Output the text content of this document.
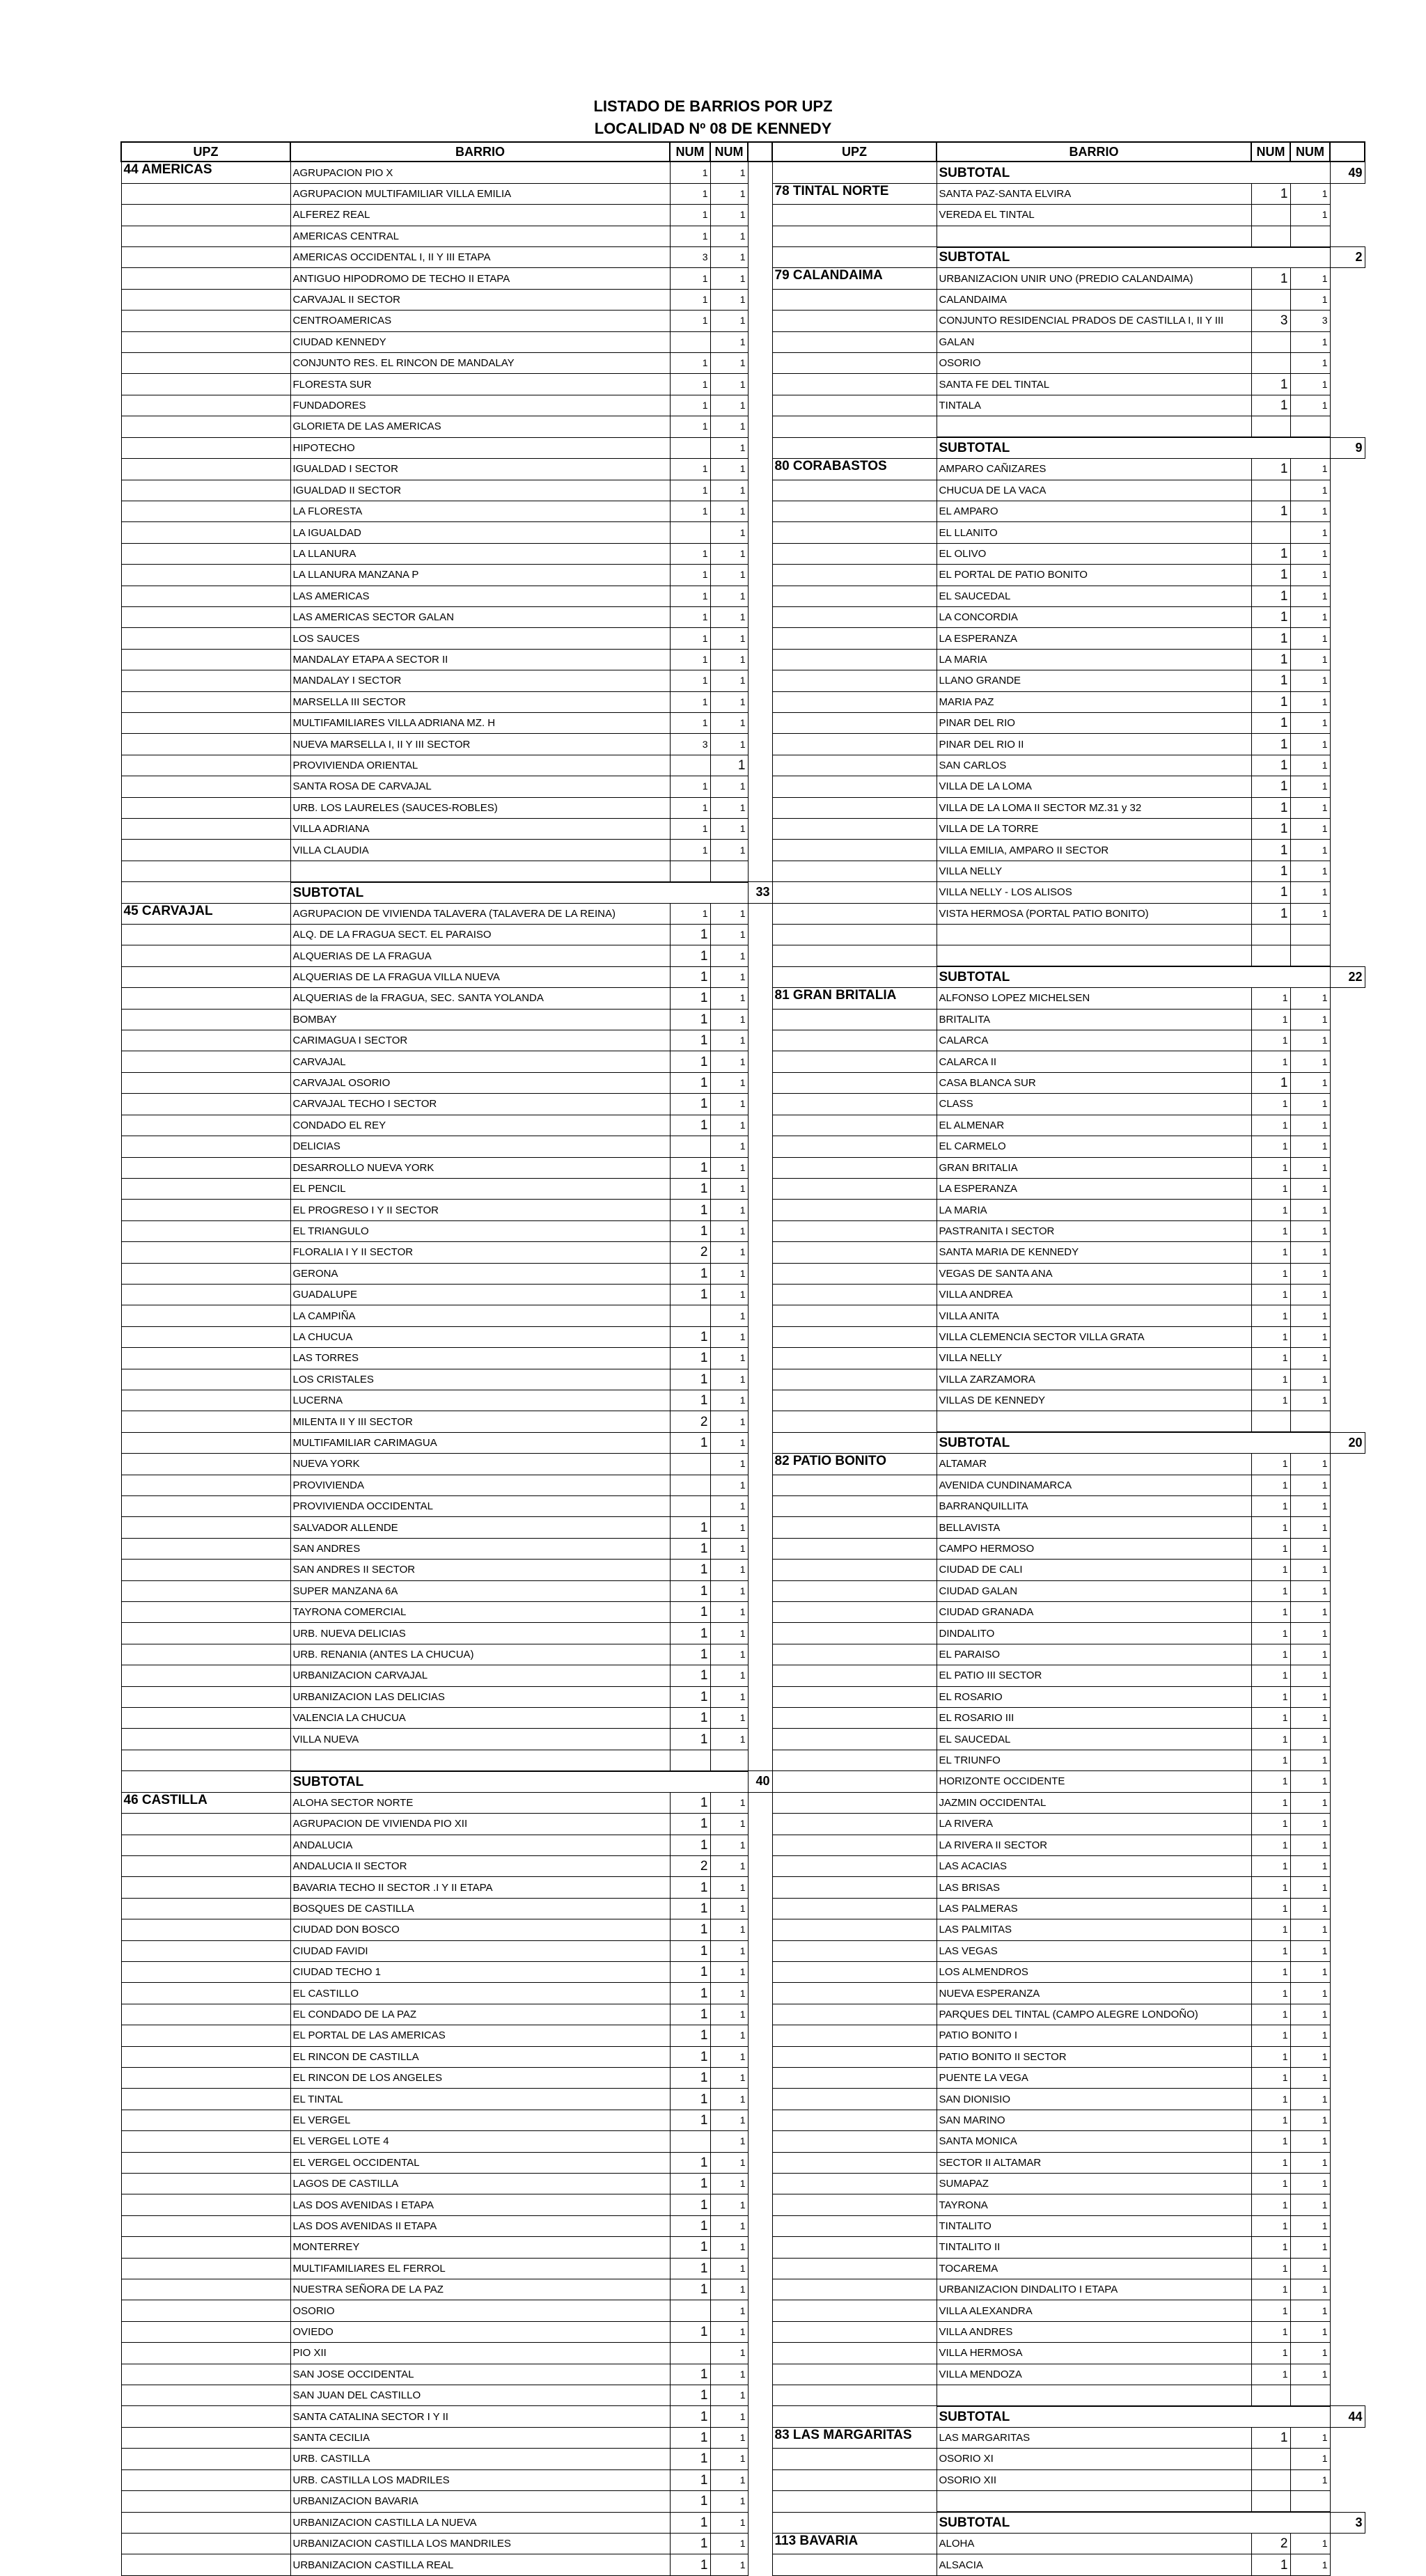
LISTADO DE BARRIOS POR UPZ
LOCALIDAD Nº 08 DE KENNEDY
UPZ	BARRIO	NUM	NUM	
44 AMERICAS	AGRUPACION PIO X	1	1	
	AGRUPACION MULTIFAMILIAR VILLA EMILIA	1	1	
	ALFEREZ REAL	1	1	
	AMERICAS CENTRAL	1	1	
	AMERICAS OCCIDENTAL I, II Y III ETAPA	3	1	
	ANTIGUO HIPODROMO DE TECHO II ETAPA	1	1	
	CARVAJAL II SECTOR	1	1	
	CENTROAMERICAS	1	1	
	CIUDAD KENNEDY		1	
	CONJUNTO RES. EL RINCON DE MANDALAY	1	1	
	FLORESTA SUR	1	1	
	FUNDADORES	1	1	
	GLORIETA DE LAS AMERICAS	1	1	
	HIPOTECHO		1	
	IGUALDAD I SECTOR	1	1	
	IGUALDAD II SECTOR	1	1	
	LA FLORESTA	1	1	
	LA IGUALDAD		1	
	LA LLANURA	1	1	
	LA LLANURA MANZANA P	1	1	
	LAS AMERICAS	1	1	
	LAS AMERICAS SECTOR GALAN	1	1	
	LOS SAUCES	1	1	
	MANDALAY ETAPA A SECTOR II	1	1	
	MANDALAY I SECTOR	1	1	
	MARSELLA III SECTOR	1	1	
	MULTIFAMILIARES VILLA ADRIANA MZ. H	1	1	
	NUEVA MARSELLA I, II Y III SECTOR	3	1	
	PROVIVIENDA ORIENTAL		1	
	SANTA ROSA DE CARVAJAL	1	1	
	URB. LOS LAURELES (SAUCES-ROBLES)	1	1	
	VILLA ADRIANA	1	1	
	VILLA CLAUDIA	1	1	

	SUBTOTAL			33
45 CARVAJAL	AGRUPACION DE VIVIENDA TALAVERA (TALAVERA DE LA REINA)	1	1	
	ALQ. DE LA FRAGUA SECT. EL PARAISO	1	1	
	ALQUERIAS DE LA FRAGUA	1	1	
	ALQUERIAS DE LA FRAGUA VILLA NUEVA	1	1	
	ALQUERIAS de la FRAGUA, SEC. SANTA YOLANDA	1	1	
	BOMBAY	1	1	
	CARIMAGUA I SECTOR	1	1	
	CARVAJAL	1	1	
	CARVAJAL OSORIO	1	1	
	CARVAJAL TECHO I SECTOR	1	1	
	CONDADO EL REY	1	1	
	DELICIAS		1	
	DESARROLLO NUEVA YORK	1	1	
	EL PENCIL	1	1	
	EL PROGRESO I Y II SECTOR	1	1	
	EL TRIANGULO	1	1	
	FLORALIA I Y II SECTOR	2	1	
	GERONA	1	1	
	GUADALUPE	1	1	
	LA CAMPIÑA		1	
	LA CHUCUA	1	1	
	LAS TORRES	1	1	
	LOS CRISTALES	1	1	
	LUCERNA	1	1	
	MILENTA II Y III SECTOR	2	1	
	MULTIFAMILIAR CARIMAGUA	1	1	
	NUEVA YORK		1	
	PROVIVIENDA		1	
	PROVIVIENDA OCCIDENTAL		1	
	SALVADOR ALLENDE	1	1	
	SAN ANDRES	1	1	
	SAN ANDRES II SECTOR	1	1	
	SUPER MANZANA 6A	1	1	
	TAYRONA COMERCIAL	1	1	
	URB. NUEVA DELICIAS	1	1	
	URB. RENANIA (ANTES LA CHUCUA)	1	1	
	URBANIZACION CARVAJAL	1	1	
	URBANIZACION LAS DELICIAS	1	1	
	VALENCIA LA CHUCUA	1	1	
	VILLA NUEVA	1	1	

	SUBTOTAL			40
46 CASTILLA	ALOHA SECTOR NORTE	1	1	
	AGRUPACION DE VIVIENDA PIO XII	1	1	
	ANDALUCIA	1	1	
	ANDALUCIA II SECTOR	2	1	
	BAVARIA TECHO II SECTOR .I Y II ETAPA	1	1	
	BOSQUES DE CASTILLA	1	1	
	CIUDAD DON BOSCO	1	1	
	CIUDAD FAVIDI	1	1	
	CIUDAD TECHO 1	1	1	
	EL CASTILLO	1	1	
	EL CONDADO DE LA PAZ	1	1	
	EL PORTAL DE LAS AMERICAS	1	1	
	EL RINCON DE CASTILLA	1	1	
	EL RINCON DE LOS ANGELES	1	1	
	EL TINTAL	1	1	
	EL VERGEL	1	1	
	EL VERGEL LOTE 4		1	
	EL VERGEL OCCIDENTAL	1	1	
	LAGOS DE CASTILLA	1	1	
	LAS DOS AVENIDAS I ETAPA	1	1	
	LAS DOS AVENIDAS II ETAPA	1	1	
	MONTERREY	1	1	
	MULTIFAMILIARES EL FERROL	1	1	
	NUESTRA SEÑORA DE LA PAZ	1	1	
	OSORIO		1	
	OVIEDO	1	1	
	PIO XII		1	
	SAN JOSE OCCIDENTAL	1	1	
	SAN JUAN DEL CASTILLO	1	1	
	SANTA CATALINA SECTOR I Y II	1	1	
	SANTA CECILIA	1	1	
	URB. CASTILLA	1	1	
	URB. CASTILLA LOS MADRILES	1	1	
	URBANIZACION BAVARIA	1	1	
	URBANIZACION CASTILLA LA NUEVA	1	1	
	URBANIZACION CASTILLA LOS MANDRILES	1	1	
	URBANIZACION CASTILLA REAL	1	1	
UPZ	BARRIO	NUM	NUM	
	SUBTOTAL			49
78 TINTAL NORTE	SANTA PAZ-SANTA ELVIRA	1	1	
	VEREDA EL TINTAL		1	

	SUBTOTAL			2
79 CALANDAIMA	URBANIZACION UNIR UNO (PREDIO CALANDAIMA)	1	1	
	CALANDAIMA		1	
	CONJUNTO RESIDENCIAL PRADOS DE CASTILLA I, II Y III	3	3	
	GALAN		1	
	OSORIO		1	
	SANTA FE DEL TINTAL	1	1	
	TINTALA	1	1	

	SUBTOTAL			9
80 CORABASTOS	AMPARO CAÑIZARES	1	1	
	CHUCUA DE LA VACA		1	
	EL AMPARO	1	1	
	EL LLANITO		1	
	EL OLIVO	1	1	
	EL PORTAL DE PATIO BONITO	1	1	
	EL SAUCEDAL	1	1	
	LA CONCORDIA	1	1	
	LA ESPERANZA	1	1	
	LA MARIA	1	1	
	LLANO GRANDE	1	1	
	MARIA PAZ	1	1	
	PINAR DEL RIO	1	1	
	PINAR DEL RIO II	1	1	
	SAN CARLOS	1	1	
	VILLA DE LA LOMA	1	1	
	VILLA DE LA LOMA II SECTOR MZ.31 y 32	1	1	
	VILLA DE LA TORRE	1	1	
	VILLA EMILIA, AMPARO II SECTOR	1	1	
	VILLA NELLY	1	1	
	VILLA NELLY - LOS ALISOS	1	1	
	VISTA HERMOSA (PORTAL PATIO BONITO)	1	1	

	SUBTOTAL			22
81 GRAN BRITALIA	ALFONSO LOPEZ MICHELSEN	1	1	
	BRITALITA	1	1	
	CALARCA	1	1	
	CALARCA II	1	1	
	CASA BLANCA SUR	1	1	
	CLASS	1	1	
	EL ALMENAR	1	1	
	EL CARMELO	1	1	
	GRAN BRITALIA	1	1	
	LA ESPERANZA	1	1	
	LA MARIA	1	1	
	PASTRANITA I SECTOR	1	1	
	SANTA MARIA DE KENNEDY	1	1	
	VEGAS DE SANTA ANA	1	1	
	VILLA ANDREA	1	1	
	VILLA ANITA	1	1	
	VILLA CLEMENCIA SECTOR VILLA GRATA	1	1	
	VILLA NELLY	1	1	
	VILLA ZARZAMORA	1	1	
	VILLAS DE KENNEDY	1	1	

	SUBTOTAL			20
82 PATIO BONITO	ALTAMAR	1	1	
	AVENIDA CUNDINAMARCA	1	1	
	BARRANQUILLITA	1	1	
	BELLAVISTA	1	1	
	CAMPO HERMOSO	1	1	
	CIUDAD DE CALI	1	1	
	CIUDAD GALAN	1	1	
	CIUDAD GRANADA	1	1	
	DINDALITO	1	1	
	EL PARAISO	1	1	
	EL PATIO III SECTOR	1	1	
	EL ROSARIO	1	1	
	EL ROSARIO III	1	1	
	EL SAUCEDAL	1	1	
	EL TRIUNFO	1	1	
	HORIZONTE OCCIDENTE	1	1	
	JAZMIN OCCIDENTAL	1	1	
	LA RIVERA	1	1	
	LA RIVERA II SECTOR	1	1	
	LAS ACACIAS	1	1	
	LAS BRISAS	1	1	
	LAS PALMERAS	1	1	
	LAS PALMITAS	1	1	
	LAS VEGAS	1	1	
	LOS ALMENDROS	1	1	
	NUEVA ESPERANZA	1	1	
	PARQUES DEL TINTAL (CAMPO ALEGRE LONDOÑO)	1	1	
	PATIO BONITO I	1	1	
	PATIO BONITO II SECTOR	1	1	
	PUENTE LA VEGA	1	1	
	SAN DIONISIO	1	1	
	SAN MARINO	1	1	
	SANTA MONICA	1	1	
	SECTOR II ALTAMAR	1	1	
	SUMAPAZ	1	1	
	TAYRONA	1	1	
	TINTALITO	1	1	
	TINTALITO II	1	1	
	TOCAREMA	1	1	
	URBANIZACION DINDALITO I ETAPA	1	1	
	VILLA ALEXANDRA	1	1	
	VILLA ANDRES	1	1	
	VILLA HERMOSA	1	1	
	VILLA MENDOZA	1	1	

	SUBTOTAL			44
83 LAS MARGARITAS	LAS MARGARITAS	1	1	
	OSORIO XI		1	
	OSORIO XII		1	

	SUBTOTAL			3
113 BAVARIA	ALOHA	2	1	
	ALSACIA	1	1	
